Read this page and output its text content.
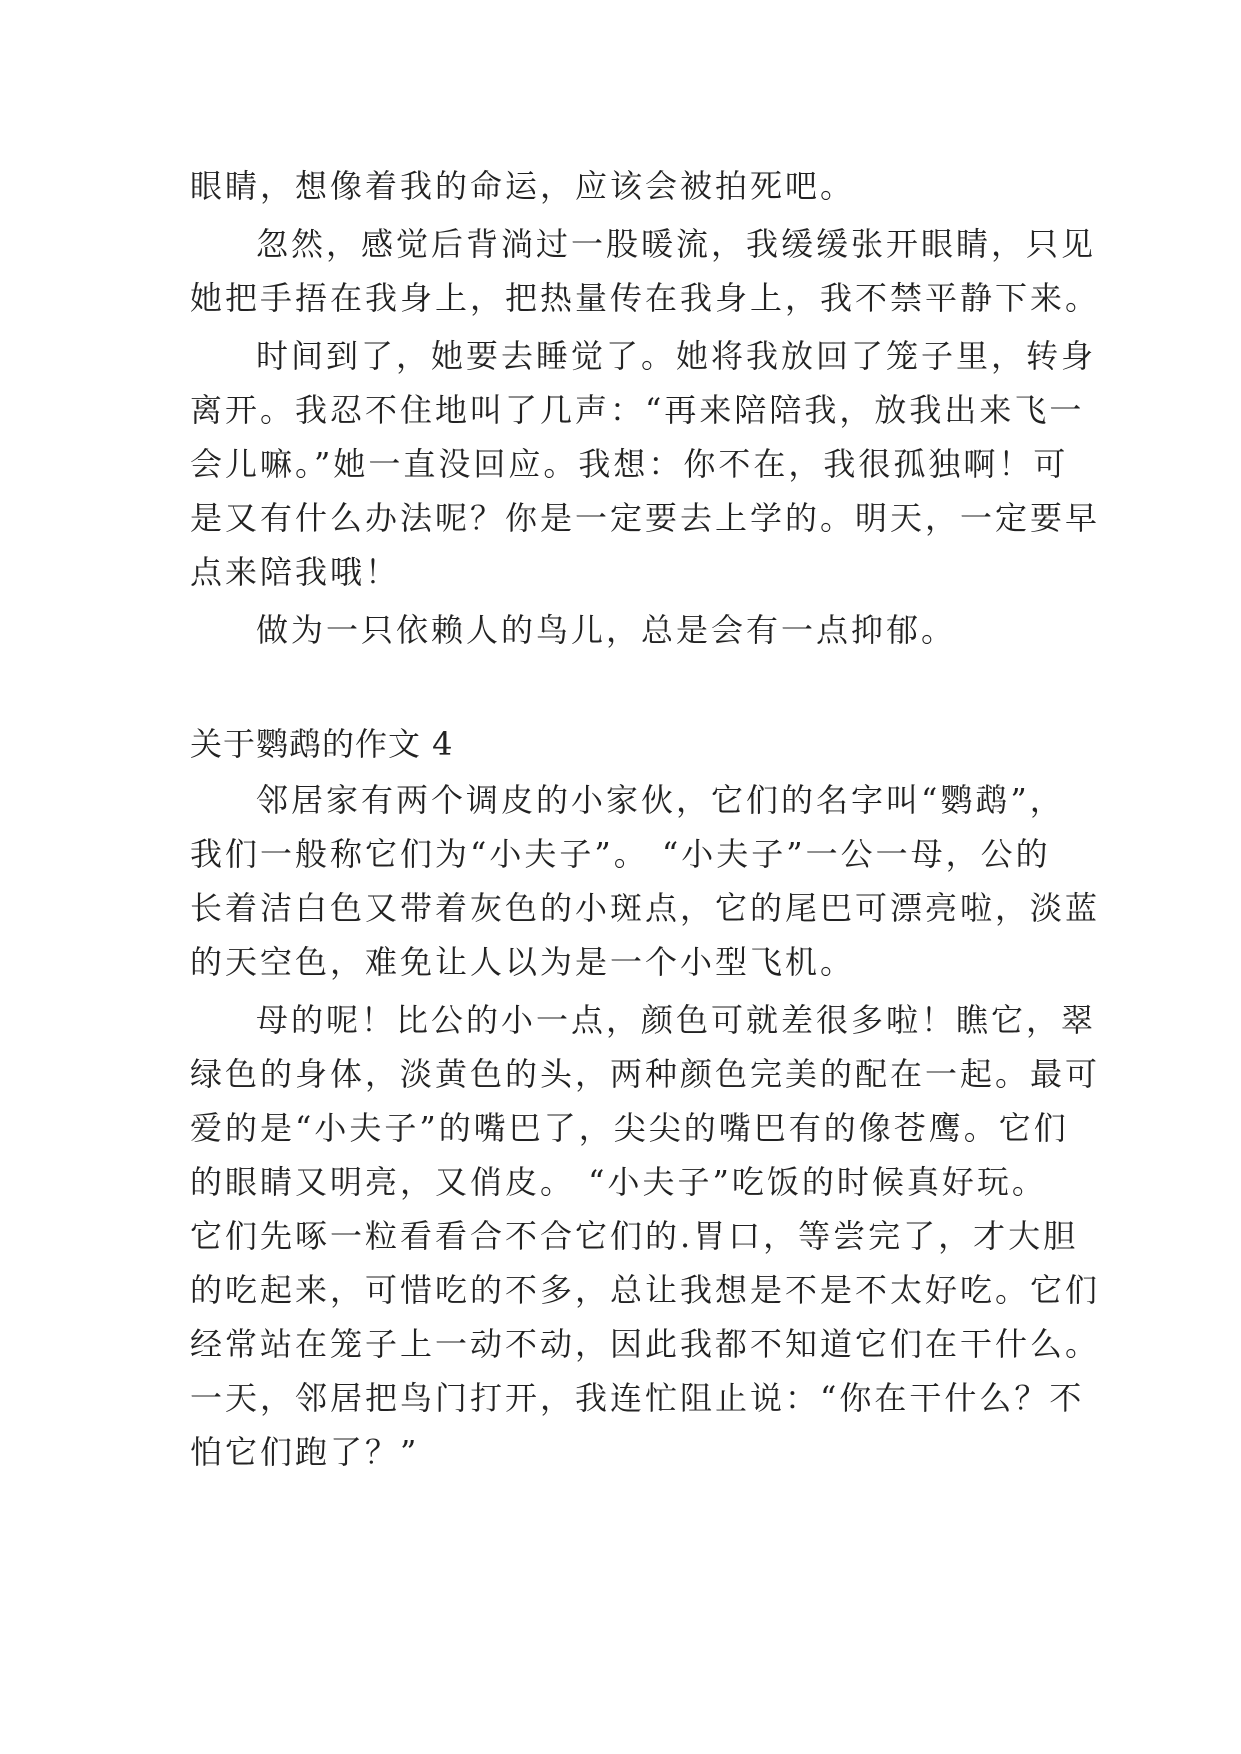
眼睛，想像着我的命运，应该会被拍死吧。
忽然，感觉后背淌过一股暖流，我缓缓张开眼睛，只见
她把手捂在我身上，把热量传在我身上，我不禁平静下来。
时间到了，她要去睡觉了。她将我放回了笼子里，转身
离开。我忍不住地叫了几声：“再来陪陪我，放我出来飞一
会儿嘛。”她一直没回应。我想：你不在，我很孤独啊！可
是又有什么办法呢？你是一定要去上学的。明天，一定要早
点来陪我哦！
做为一只依赖人的鸟儿，总是会有一点抑郁。
关于鹦鹉的作文 4
邻居家有两个调皮的小家伙，它们的名字叫“鹦鹉”，
我们一般称它们为“小夫子”。 “小夫子”一公一母，公的
长着洁白色又带着灰色的小斑点，它的尾巴可漂亮啦，淡蓝
的天空色，难免让人以为是一个小型飞机。
母的呢！比公的小一点，颜色可就差很多啦！瞧它，翠
绿色的身体，淡黄色的头，两种颜色完美的配在一起。最可
爱的是“小夫子”的嘴巴了，尖尖的嘴巴有的像苍鹰。它们
的眼睛又明亮，又俏皮。 “小夫子”吃饭的时候真好玩。
它们先啄一粒看看合不合它们的.胃口，等尝完了，才大胆
的吃起来，可惜吃的不多，总让我想是不是不太好吃。它们
经常站在笼子上一动不动，因此我都不知道它们在干什么。
一天，邻居把鸟门打开，我连忙阻止说：“你在干什么？不
怕它们跑了？”
